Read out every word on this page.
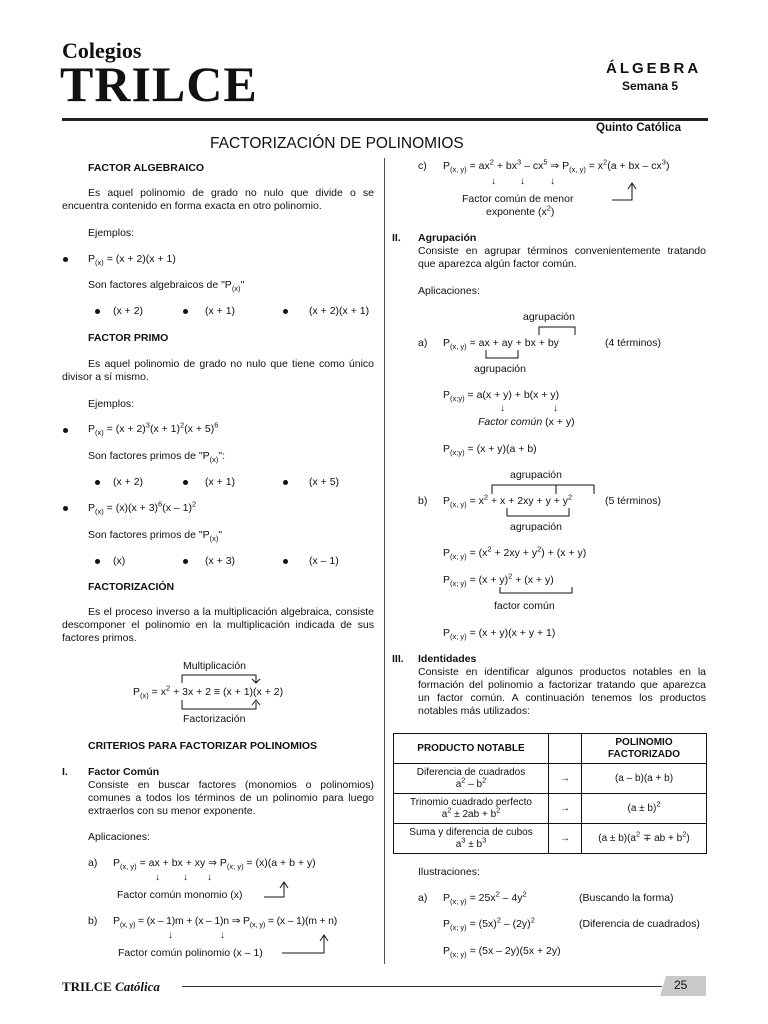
Colegios
TRILCE	ÁLGEBRA
Semana 5
Quinto Católica
FACTORIZACIÓN DE POLINOMIOS
FACTOR ALGEBRAICO
Es aquel polinomio de grado no nulo que divide o se encuentra contenido en forma exacta en otro polinomio.
Ejemplos:
$P_{(x)} = (x + 2)(x + 1)$
Son factores algebraicos de "$P_{(x)}$"
(x + 2)	(x + 1)	(x + 2)(x + 1)
FACTOR PRIMO
Es aquel polinomio de grado no nulo que tiene como único divisor a sí mismo.
Ejemplos:
$P_{(x)} = (x + 2)^3(x + 1)^2(x + 5)^6$
Son factores primos de "$P_{(x)}$":
(x + 2)	(x + 1)	(x + 5)
$P_{(x)} = (x)(x + 3)^6(x - 1)^2$
Son factores primos de "$P_{(x)}$"
(x)	(x + 3)	(x – 1)
FACTORIZACIÓN
Es el proceso inverso a la multiplicación algebraica, consiste descomponer el polinomio en la multiplicación indicada de sus factores primos.
Multiplicación
$P_{(x)} = x^2 + 3x + 2 \equiv (x + 1)(x + 2)$
Factorización
CRITERIOS PARA FACTORIZAR POLINOMIOS
I. Factor Común
Consiste en buscar factores (monomios o polinomios) comunes a todos los términos de un polinomio para luego extraerlos con su menor exponente.
Aplicaciones:
a) $P_{(x, y)}$ = ax + bx + xy ⇒ $P_{(x; y)} = (x)(a + b + y)$
↓ ↓ ↓
Factor común monomio (x)
b) $P_{(x, y)} = (x - 1)m + (x - 1)n$ ⇒ $P_{(x, y)} = (x - 1)(m + n)$
↓	↓
Factor común polinomio (x – 1)
c) $P_{(x, y)} = ax^2 + bx^3 - cx^5$ ⇒ $P_{(x, y)} = x^2(a$ + bx – $cx^3$)
↓ ↓	↓
Factor común de menor
exponente $(x^2)$
II. Agrupación
Consiste en agrupar términos convenientemente tratando que aparezca algún factor común.
Aplicaciones:
agrupación
a) $P_{(x, y)}$ = ax + ay + bx + by	(4 términos)
agrupación
$P_{(x;y)} = a(x + y) + b(x + y)$
↓	↓
Factor común (x + y)
$P_{(x;y)} = (x + y)(a + b)$
agrupación
b) $P_{(x, y)} = x^2 + x + 2xy + y + y^2$	(5 términos)
agrupación
$P_{(x; y)} = (x^2 + 2xy + y^2) + (x + y)$
$P_{(x; y)} = (x + y)^2 + (x + y)$
factor común
$P_{(x; y)} = (x + y)(x + y + 1)$
III. Identidades
Consiste en identificar algunos productos notables en la formación del polinomio a factorizar tratando que aparezca un factor común. A continuación tenemos los productos notables más utilizados:
PRODUCTO NOTABLE		POLINOMIO FACTORIZADO
Diferencia de cuadrados
$a^2 - b^2$	→	(a – b)(a + b)
Trinomio cuadrado perfecto
$a^2 \pm 2ab + b^2$	→	$(a \pm b)^2$
Suma y diferencia de cubos
$a^3 \pm b^3$	→	$(a \pm b)(a^2$ ∓ ab + $b^2$)
Ilustraciones:
a) $P_{(x; y)} = 25x^2 - 4y^2$	(Buscando la forma)
$P_{(x; y)} = (5x)^2 - (2y)^2$	(Diferencia de cuadrados)
$P_{(x; y)} = (5x - 2y)(5x + 2y)$
TRILCE Católica	25
